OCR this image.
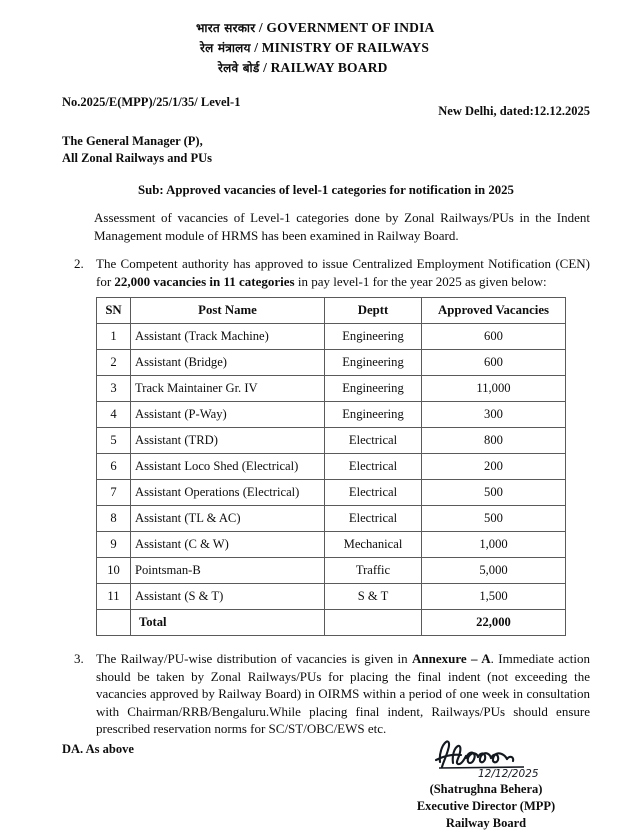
भारत सरकार / GOVERNMENT OF INDIA
रेल मंत्रालय / MINISTRY OF RAILWAYS
रेलवे बोर्ड / RAILWAY BOARD
No.2025/E(MPP)/25/1/35/ Level-1
New Delhi, dated:12.12.2025
The General Manager (P),
All Zonal Railways and PUs
Sub: Approved vacancies of level-1 categories for notification in 2025
Assessment of vacancies of Level-1 categories done by Zonal Railways/PUs in the Indent Management module of HRMS has been examined in Railway Board.
2. The Competent authority has approved to issue Centralized Employment Notification (CEN) for 22,000 vacancies in 11 categories in pay level-1 for the year 2025 as given below:
SN	Post Name	Deptt	Approved Vacancies
1	Assistant (Track Machine)	Engineering	600
2	Assistant (Bridge)	Engineering	600
3	Track Maintainer Gr. IV	Engineering	11,000
4	Assistant (P-Way)	Engineering	300
5	Assistant (TRD)	Electrical	800
6	Assistant Loco Shed (Electrical)	Electrical	200
7	Assistant Operations (Electrical)	Electrical	500
8	Assistant (TL & AC)	Electrical	500
9	Assistant (C & W)	Mechanical	1,000
10	Pointsman-B	Traffic	5,000
11	Assistant (S & T)	S & T	1,500
	Total		22,000
3. The Railway/PU-wise distribution of vacancies is given in Annexure – A. Immediate action should be taken by Zonal Railways/PUs for placing the final indent (not exceeding the vacancies approved by Railway Board) in OIRMS within a period of one week in consultation with Chairman/RRB/Bengaluru.While placing final indent, Railways/PUs should ensure prescribed reservation norms for SC/ST/OBC/EWS etc.
DA. As above
12/12/2025
(Shatrughna Behera)
Executive Director (MPP)
Railway Board
